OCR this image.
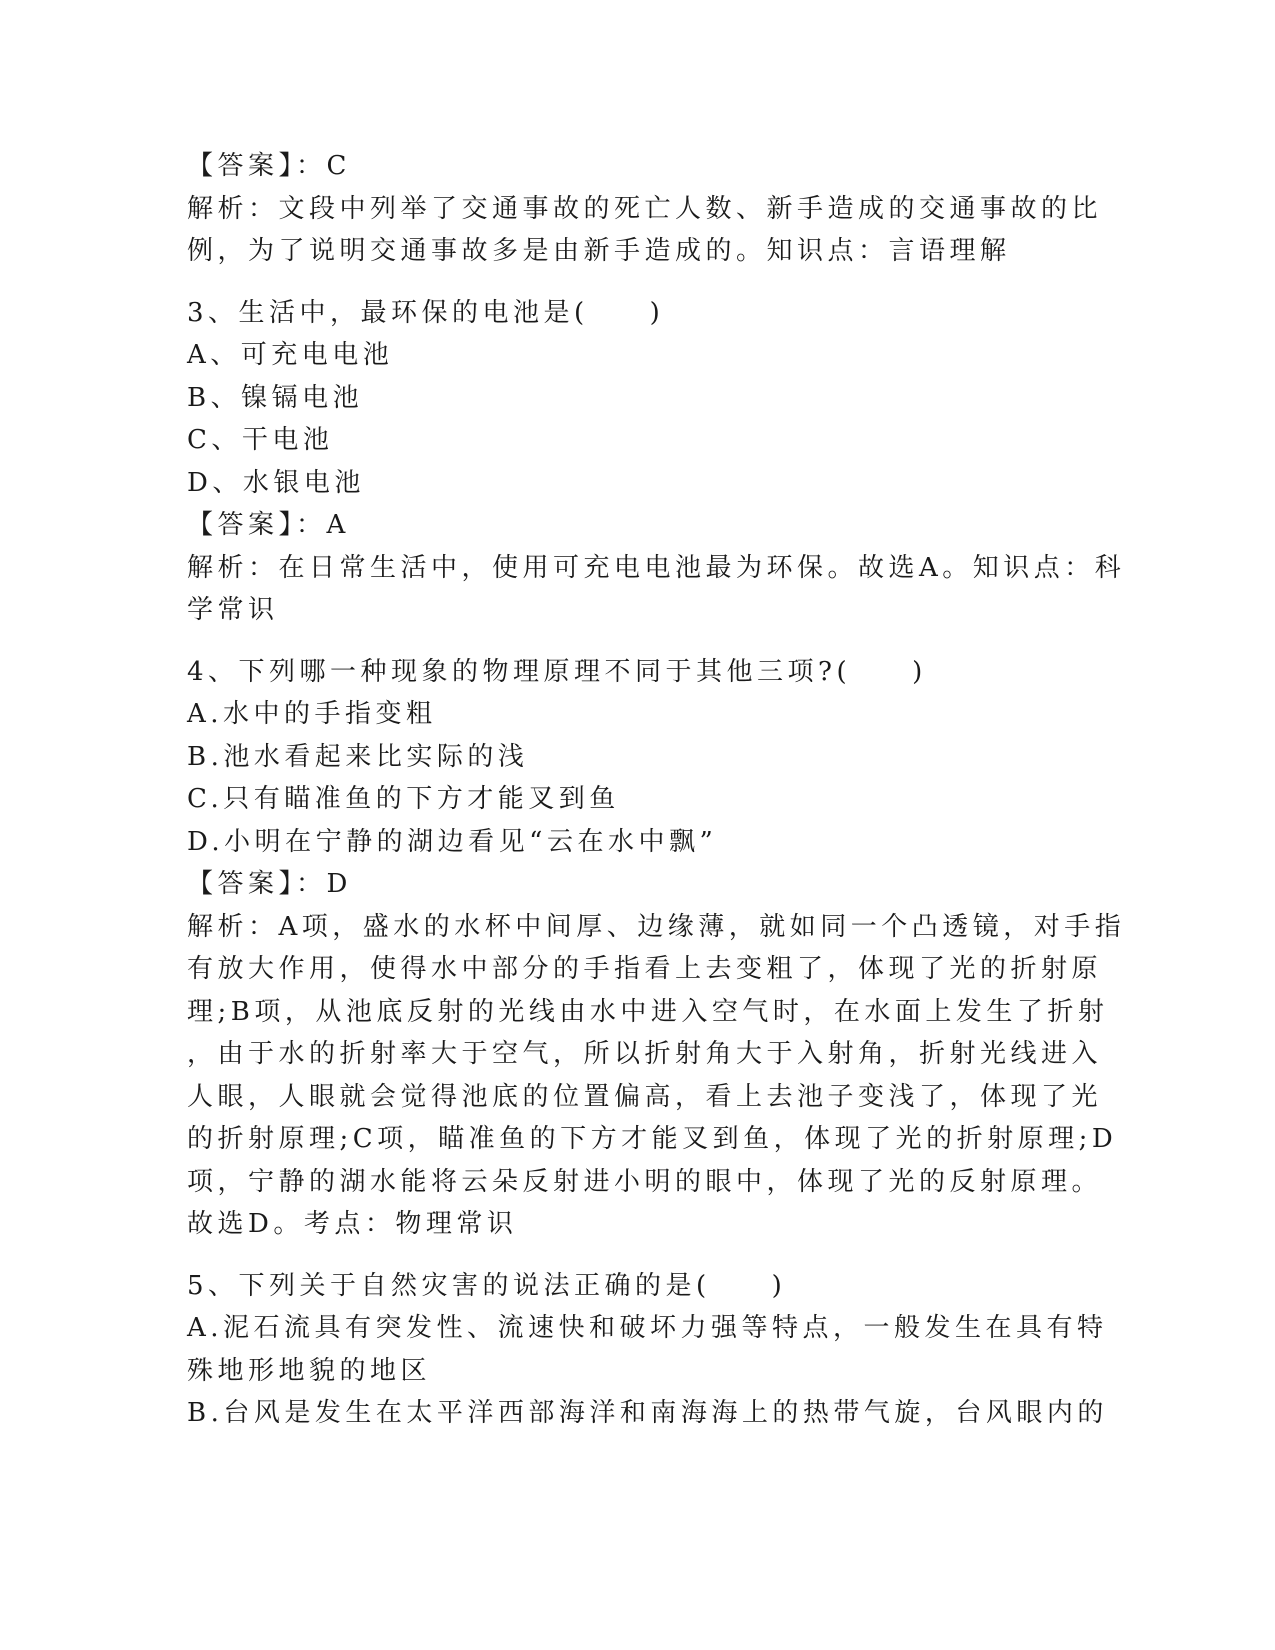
【答案】：C
解析：文段中列举了交通事故的死亡人数、新手造成的交通事故的比
例，为了说明交通事故多是由新手造成的。知识点：言语理解
3、生活中，最环保的电池是(　　)
A、可充电电池
B、镍镉电池
C、干电池
D、水银电池
【答案】：A
解析：在日常生活中，使用可充电电池最为环保。故选A。知识点：科
学常识
4、下列哪一种现象的物理原理不同于其他三项?(　　)
A.水中的手指变粗
B.池水看起来比实际的浅
C.只有瞄准鱼的下方才能叉到鱼
D.小明在宁静的湖边看见“云在水中飘”
【答案】：D
解析：A项，盛水的水杯中间厚、边缘薄，就如同一个凸透镜，对手指
有放大作用，使得水中部分的手指看上去变粗了，体现了光的折射原
理;B项，从池底反射的光线由水中进入空气时，在水面上发生了折射
，由于水的折射率大于空气，所以折射角大于入射角，折射光线进入
人眼，人眼就会觉得池底的位置偏高，看上去池子变浅了，体现了光
的折射原理;C项，瞄准鱼的下方才能叉到鱼，体现了光的折射原理;D
项，宁静的湖水能将云朵反射进小明的眼中，体现了光的反射原理。
故选D。考点：物理常识
5、下列关于自然灾害的说法正确的是(　　)
A.泥石流具有突发性、流速快和破坏力强等特点，一般发生在具有特
殊地形地貌的地区
B.台风是发生在太平洋西部海洋和南海海上的热带气旋，台风眼内的
